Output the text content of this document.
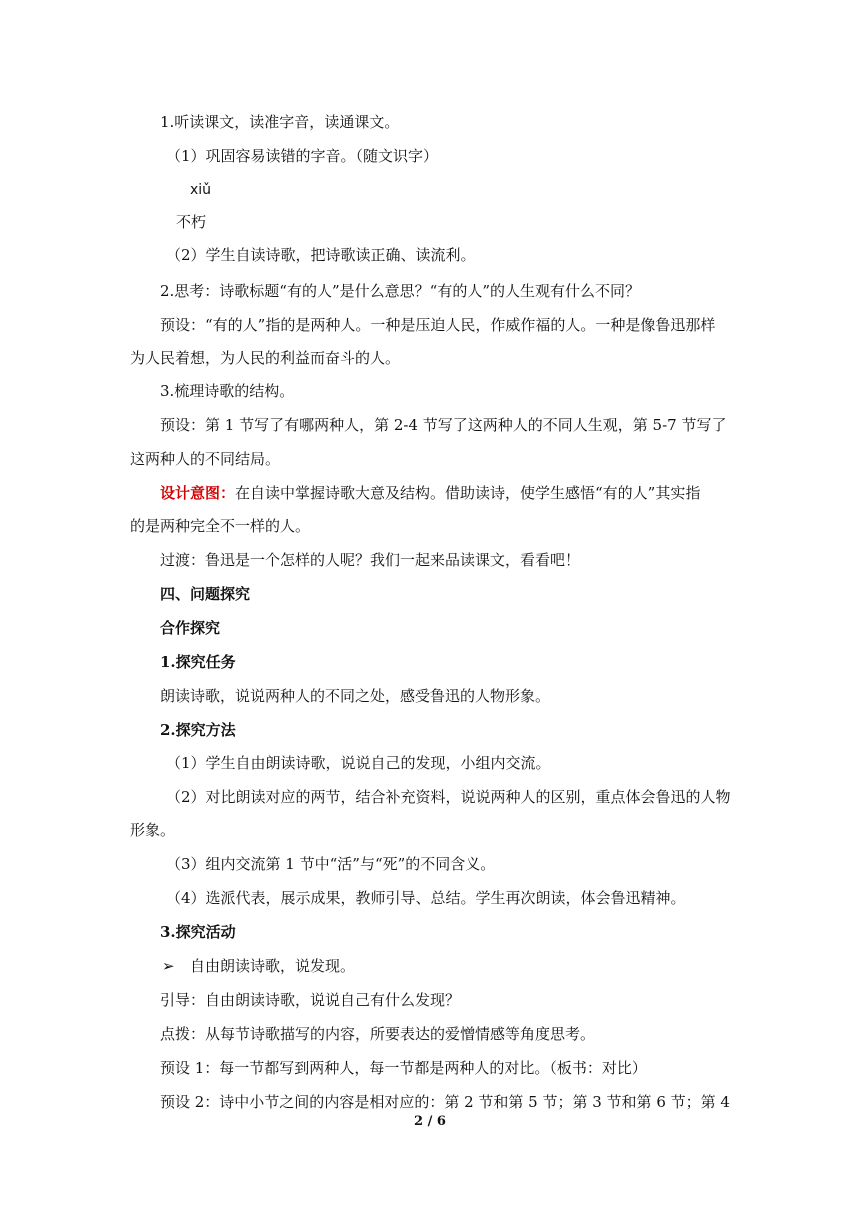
1.听读课文，读准字音，读通课文。
（1）巩固容易读错的字音。（随文识字）
xiǔ
不朽
（2）学生自读诗歌，把诗歌读正确、读流利。
2.思考：诗歌标题“有的人”是什么意思？“有的人”的人生观有什么不同？
预设：“有的人”指的是两种人。一种是压迫人民，作威作福的人。一种是像鲁迅那样
为人民着想，为人民的利益而奋斗的人。
3.梳理诗歌的结构。
预设：第 1 节写了有哪两种人，第 2-4 节写了这两种人的不同人生观，第 5-7 节写了
这两种人的不同结局。
设计意图：在自读中掌握诗歌大意及结构。借助读诗，使学生感悟“有的人”其实指
的是两种完全不一样的人。
过渡：鲁迅是一个怎样的人呢？我们一起来品读课文，看看吧！
四、问题探究
合作探究
1.探究任务
朗读诗歌，说说两种人的不同之处，感受鲁迅的人物形象。
2.探究方法
（1）学生自由朗读诗歌，说说自己的发现，小组内交流。
（2）对比朗读对应的两节，结合补充资料，说说两种人的区别，重点体会鲁迅的人物
形象。
（3）组内交流第 1 节中“活”与“死”的不同含义。
（4）选派代表，展示成果，教师引导、总结。学生再次朗读，体会鲁迅精神。
3.探究活动
➢ 自由朗读诗歌，说发现。
引导：自由朗读诗歌，说说自己有什么发现？
点拨：从每节诗歌描写的内容，所要表达的爱憎情感等角度思考。
预设 1：每一节都写到两种人，每一节都是两种人的对比。（板书：对比）
预设 2：诗中小节之间的内容是相对应的：第 2 节和第 5 节；第 3 节和第 6 节；第 4
2 / 6
